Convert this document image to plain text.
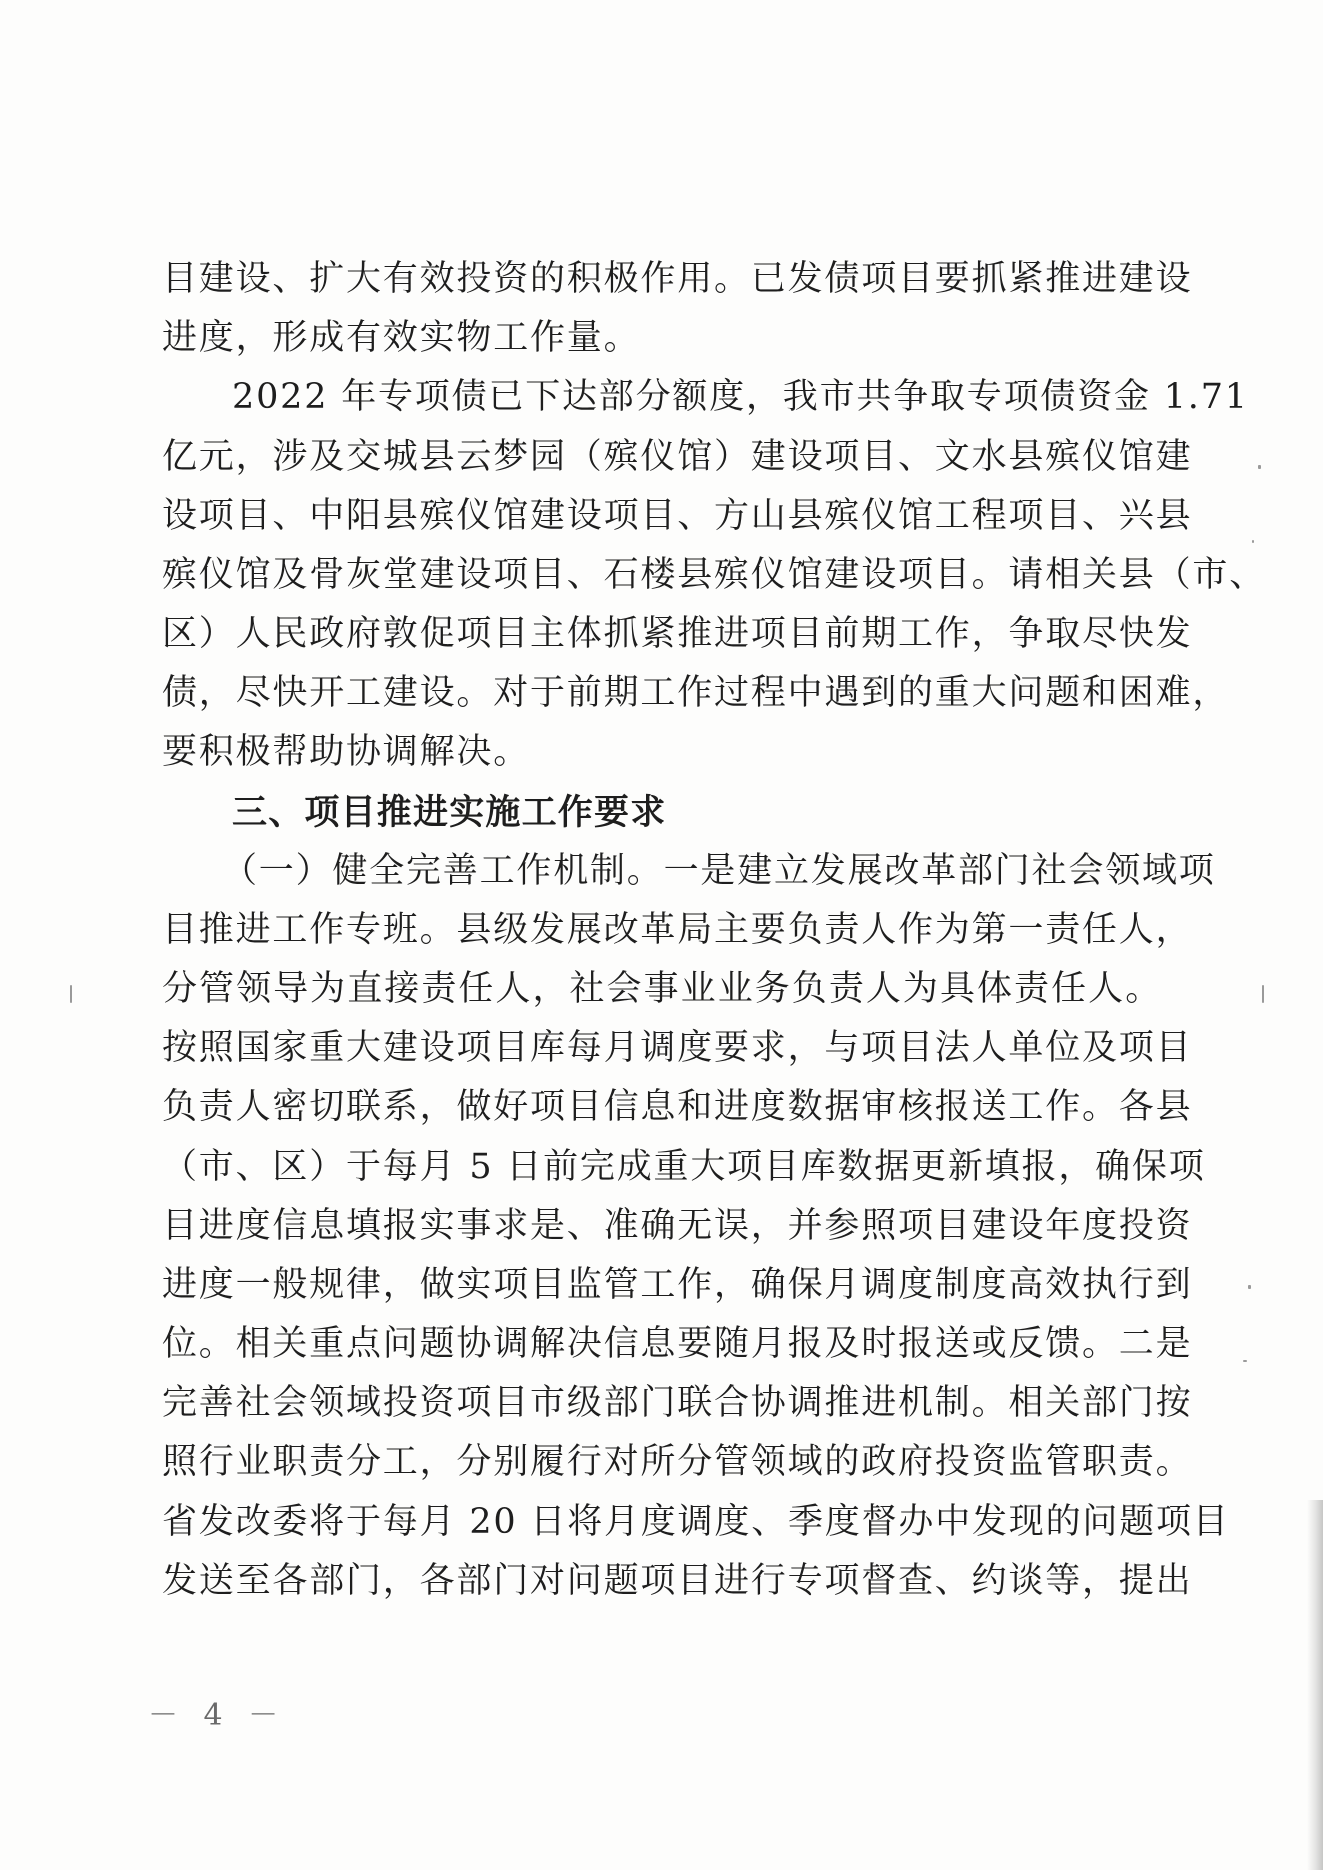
目建设、扩大有效投资的积极作用。已发债项目要抓紧推进建设
进度，形成有效实物工作量。
2022 年专项债已下达部分额度，我市共争取专项债资金 1.71
亿元，涉及交城县云梦园（殡仪馆）建设项目、文水县殡仪馆建
设项目、中阳县殡仪馆建设项目、方山县殡仪馆工程项目、兴县
殡仪馆及骨灰堂建设项目、石楼县殡仪馆建设项目。请相关县（市、
区）人民政府敦促项目主体抓紧推进项目前期工作，争取尽快发
债，尽快开工建设。对于前期工作过程中遇到的重大问题和困难，
要积极帮助协调解决。
三、项目推进实施工作要求
（一）健全完善工作机制。一是建立发展改革部门社会领域项
目推进工作专班。县级发展改革局主要负责人作为第一责任人，
分管领导为直接责任人，社会事业业务负责人为具体责任人。
按照国家重大建设项目库每月调度要求，与项目法人单位及项目
负责人密切联系，做好项目信息和进度数据审核报送工作。各县
（市、区）于每月 5 日前完成重大项目库数据更新填报，确保项
目进度信息填报实事求是、准确无误，并参照项目建设年度投资
进度一般规律，做实项目监管工作，确保月调度制度高效执行到
位。相关重点问题协调解决信息要随月报及时报送或反馈。二是
完善社会领域投资项目市级部门联合协调推进机制。相关部门按
照行业职责分工，分别履行对所分管领域的政府投资监管职责。
省发改委将于每月 20 日将月度调度、季度督办中发现的问题项目
发送至各部门，各部门对问题项目进行专项督查、约谈等，提出
－ 4 －
